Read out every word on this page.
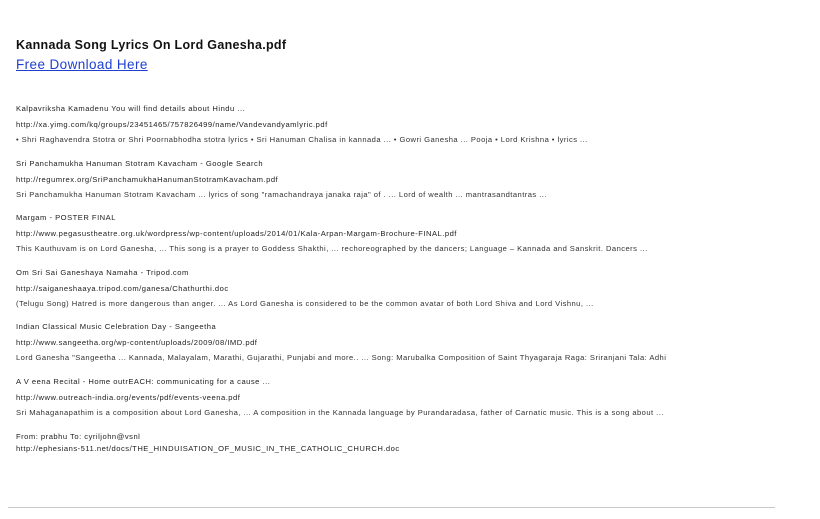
Kannada Song Lyrics On Lord Ganesha.pdf
Free Download Here
Kalpavriksha Kamadenu You will find details about Hindu ...
http://xa.yimg.com/kq/groups/23451465/757826499/name/Vandevandyamlyric.pdf
• Shri Raghavendra Stotra or Shri Poornabhodha stotra lyrics • Sri Hanuman Chalisa in kannada ... • Gowri Ganesha ... Pooja • Lord Krishna • lyrics ...
Sri Panchamukha Hanuman Stotram Kavacham - Google Search
http://regumrex.org/SriPanchamukhaHanumanStotramKavacham.pdf
Sri Panchamukha Hanuman Stotram Kavacham ... lyrics of song "ramachandraya janaka raja" of . ... Lord of wealth ... mantrasandtantras ...
Margam - POSTER FINAL
http://www.pegasustheatre.org.uk/wordpress/wp-content/uploads/2014/01/Kala-Arpan-Margam-Brochure-FINAL.pdf
This Kauthuvam is on Lord Ganesha, ... This song is a prayer to Goddess Shakthi, ... rechoreographed by the dancers; Language – Kannada and Sanskrit. Dancers ...
Om Sri Sai Ganeshaya Namaha - Tripod.com
http://saiganeshaaya.tripod.com/ganesa/Chathurthi.doc
(Telugu Song) Hatred is more dangerous than anger. ... As Lord Ganesha is considered to be the common avatar of both Lord Shiva and Lord Vishnu, ...
Indian Classical Music Celebration Day - Sangeetha
http://www.sangeetha.org/wp-content/uploads/2009/08/IMD.pdf
Lord Ganesha "Sangeetha ... Kannada, Malayalam, Marathi, Gujarathi, Punjabi and more.. ... Song: Marubalka Composition of Saint Thyagaraja Raga: Sriranjani Tala: Adhi
A V eena Recital - Home outrEACH: communicating for a cause ...
http://www.outreach-india.org/events/pdf/events-veena.pdf
Sri Mahaganapathim is a composition about Lord Ganesha, ... A composition in the Kannada language by Purandaradasa, father of Carnatic music. This is a song about ...
From: prabhu To: cyriljohn@vsnl
http://ephesians-511.net/docs/THE_HINDUISATION_OF_MUSIC_IN_THE_CATHOLIC_CHURCH.doc
